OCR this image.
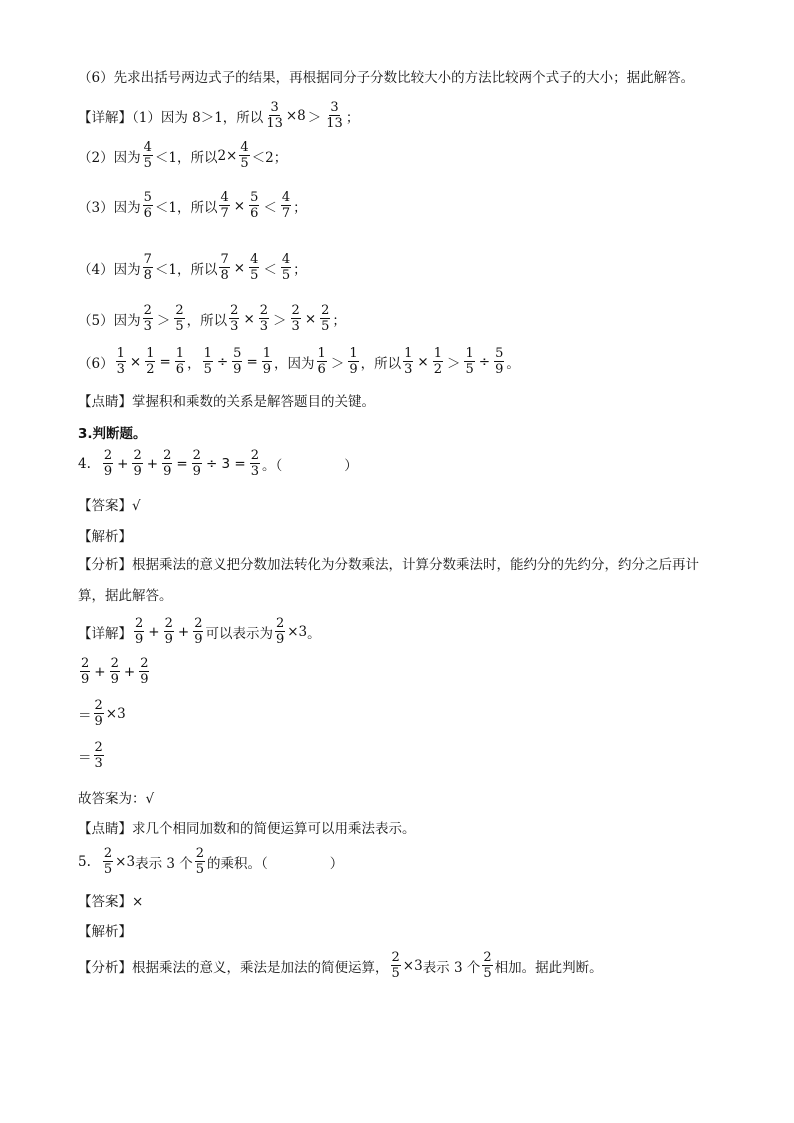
（6）先求出括号两边式子的结果，再根据同分子分数比较大小的方法比较两个式子的大小；据此解答。
【详解】（1）因为 8＞1，所以 $\frac{3}{13} \times 8 > \frac{3}{13}$ ；
（2）因为 $\frac{4}{5} <1$ ，所以 $2\times \frac{4}{5} <2$ ；
（3）因为 $\frac{5}{6} <1$ ，所以 $\frac{4}{7} \times \frac{5}{6} < \frac{4}{7}$ ；
（4）因为 $\frac{7}{8} <1$ ，所以 $\frac{7}{8} \times \frac{4}{5} < \frac{4}{5}$ ；
（5）因为 $\frac{2}{3} > \frac{2}{5}$ ，所以 $\frac{2}{3} \times \frac{2}{3} > \frac{2}{3} \times \frac{2}{5}$ ；
$(6) \frac{1}{3} \times \frac{1}{2} = \frac{1}{6}$ ， $\frac{1}{5} \div \frac{5}{9} = \frac{1}{9}$ ，因为 $\frac{1}{6} > \frac{1}{9}$ ，所以 $\frac{1}{3} \times \frac{1}{2} > \frac{1}{5} \div \frac{5}{9}$ 。
【点睛】掌握积和乘数的关系是解答题目的关键。
3.判断题。
4. $\frac{2}{9} + \frac{2}{9} + \frac{2}{9} = \frac{2}{9} \div 3 = \frac{2}{3}$ 。（	）
【答案】√
【解析】
【分析】根据乘法的意义把分数加法转化为分数乘法，计算分数乘法时，能约分的先约分，约分之后再计算，据此解答。
【详解】 $\frac{2}{9} + \frac{2}{9} + \frac{2}{9}$ 可以表示为 $\frac{2}{9} \times 3$ 。
$\frac{2}{9} + \frac{2}{9} + \frac{2}{9}$
＝ $\frac{2}{9} \times 3$
＝ $\frac{2}{3}$
故答案为：√
【点睛】求几个相同加数和的简便运算可以用乘法表示。
5. $\frac{2}{5} \times 3$ 表示 3 个 $\frac{2}{5}$ 的乘积。（	）
【答案】×
【解析】
【分析】根据乘法的意义，乘法是加法的简便运算， $\frac{2}{5} \times 3$ 表示 3 个 $\frac{2}{5}$ 相加。据此判断。
